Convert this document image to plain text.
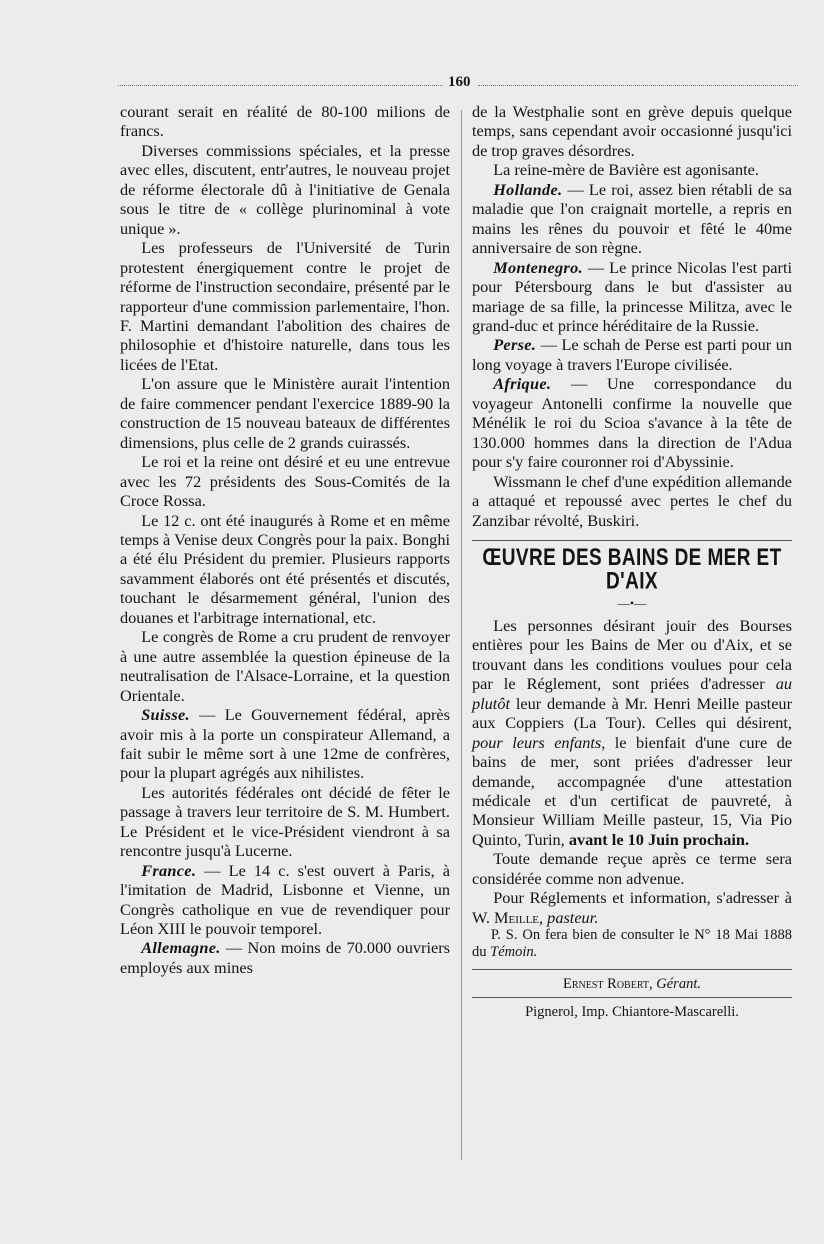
160

courant serait en réalité de 80-100 milions de francs.

Diverses commissions spéciales, et la presse avec elles, discutent, entr'autres, le nouveau projet de réforme électorale dû à l'initiative de Genala sous le titre de « collège plurinominal à vote unique ».

Les professeurs de l'Université de Turin protestent énergiquement contre le projet de réforme de l'instruction secondaire, présenté par le rapporteur d'une commission parlementaire, l'hon. F. Martini demandant l'abolition des chaires de philosophie et d'histoire naturelle, dans tous les licées de l'Etat.

L'on assure que le Ministère aurait l'intention de faire commencer pendant l'exercice 1889-90 la construction de 15 nouveau bateaux de différentes dimensions, plus celle de 2 grands cuirassés.

Le roi et la reine ont désiré et eu une entrevue avec les 72 présidents des Sous-Comités de la Croce Rossa.

Le 12 c. ont été inaugurés à Rome et en même temps à Venise deux Congrès pour la paix. Bonghi a été élu Président du premier. Plusieurs rapports savamment élaborés ont été présentés et discutés, touchant le désarmement général, l'union des douanes et l'arbitrage international, etc.

Le congrès de Rome a cru prudent de renvoyer à une autre assemblée la question épineuse de la neutralisation de l'Alsace-Lorraine, et la question Orientale.

Suisse. — Le Gouvernement fédéral, après avoir mis à la porte un conspirateur Allemand, a fait subir le même sort à une 12me de confrères, pour la plupart agrégés aux nihilistes.

Les autorités fédérales ont décidé de fêter le passage à travers leur territoire de S. M. Humbert. Le Président et le vice-Président viendront à sa rencontre jusqu'à Lucerne.

France. — Le 14 c. s'est ouvert à Paris, à l'imitation de Madrid, Lisbonne et Vienne, un Congrès catholique en vue de revendiquer pour Léon XIII le pouvoir temporel.

Allemagne. — Non moins de 70.000 ouvriers employés aux mines

de la Westphalie sont en grève depuis quelque temps, sans cependant avoir occasionné jusqu'ici de trop graves désordres.

La reine-mère de Bavière est agonisante.

Hollande. — Le roi, assez bien rétabli de sa maladie que l'on craignait mortelle, a repris en mains les rênes du pouvoir et fêté le 40me anniversaire de son règne.

Montenegro. — Le prince Nicolas l'est parti pour Pétersbourg dans le but d'assister au mariage de sa fille, la princesse Militza, avec le grand-duc et prince héréditaire de la Russie.

Perse. — Le schah de Perse est parti pour un long voyage à travers l'Europe civilisée.

Afrique. — Une correspondance du voyageur Antonelli confirme la nouvelle que Ménélik le roi du Scioa s'avance à la tête de 130.000 hommes dans la direction de l'Adua pour s'y faire couronner roi d'Abyssinie.

Wissmann le chef d'une expédition allemande a attaqué et repoussé avec pertes le chef du Zanzibar révolté, Buskiri.

ŒUVRE DES BAINS DE MER ET D'AIX
—•—

Les personnes désirant jouir des Bourses entières pour les Bains de Mer ou d'Aix, et se trouvant dans les conditions voulues pour cela par le Réglement, sont priées d'adresser au plutôt leur demande à Mr. Henri Meille pasteur aux Coppiers (La Tour). Celles qui désirent, pour leurs enfants, le bienfait d'une cure de bains de mer, sont priées d'adresser leur demande, accompagnée d'une attestation médicale et d'un certificat de pauvreté, à Monsieur William Meille pasteur, 15, Via Pio Quinto, Turin, avant le 10 Juin prochain.

Toute demande reçue après ce terme sera considérée comme non advenue.

Pour Réglements et information, s'adresser à W. Meille, pasteur.

P. S. On fera bien de consulter le N° 18 Mai 1888 du Témoin.

Ernest Robert, Gérant.

Pignerol, Imp. Chiantore-Mascarelli.
